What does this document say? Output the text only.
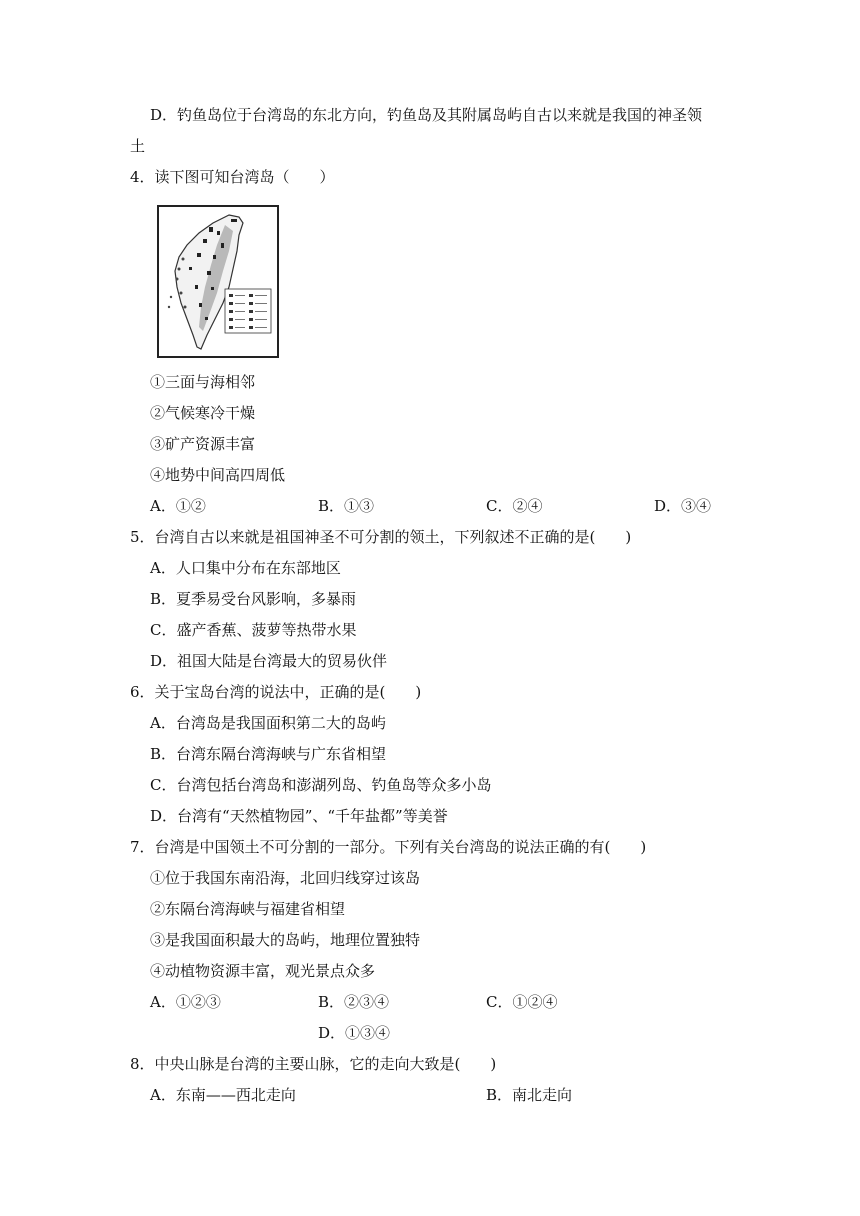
D．钓鱼岛位于台湾岛的东北方向，钓鱼岛及其附属岛屿自古以来就是我国的神圣领
土
4．读下图可知台湾岛（　　）
①三面与海相邻
②气候寒冷干燥
③矿产资源丰富
④地势中间高四周低
A．①②	B．①③	C．②④	D．③④
5．台湾自古以来就是祖国神圣不可分割的领土，下列叙述不正确的是(　　)
A．人口集中分布在东部地区
B．夏季易受台风影响，多暴雨
C．盛产香蕉、菠萝等热带水果
D．祖国大陆是台湾最大的贸易伙伴
6．关于宝岛台湾的说法中，正确的是(　　)
A．台湾岛是我国面积第二大的岛屿
B．台湾东隔台湾海峡与广东省相望
C．台湾包括台湾岛和澎湖列岛、钓鱼岛等众多小岛
D．台湾有“天然植物园”、“千年盐都”等美誉
7．台湾是中国领土不可分割的一部分。下列有关台湾岛的说法正确的有(　　)
①位于我国东南沿海，北回归线穿过该岛
②东隔台湾海峡与福建省相望
③是我国面积最大的岛屿，地理位置独特
④动植物资源丰富，观光景点众多
A．①②③	B．②③④	C．①②④
D．①③④
8．中央山脉是台湾的主要山脉，它的走向大致是(　　)
A．东南——西北走向	B．南北走向
